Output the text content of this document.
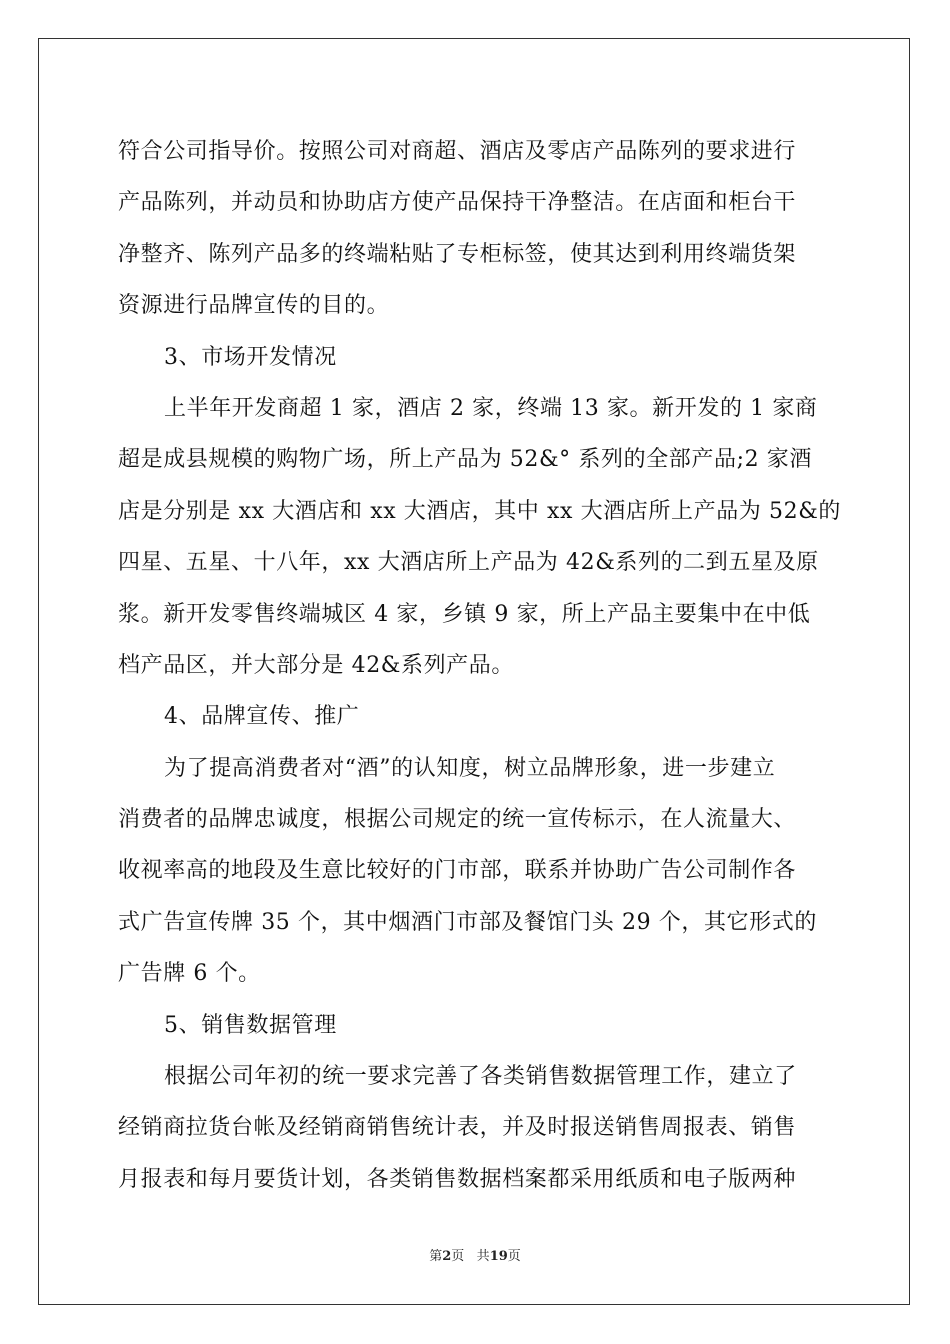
符合公司指导价。按照公司对商超、酒店及零店产品陈列的要求进行
产品陈列，并动员和协助店方使产品保持干净整洁。在店面和柜台干
净整齐、陈列产品多的终端粘贴了专柜标签，使其达到利用终端货架
资源进行品牌宣传的目的。
3、市场开发情况
上半年开发商超 1 家，酒店 2 家，终端 13 家。新开发的 1 家商
超是成县规模的购物广场，所上产品为 52&° 系列的全部产品;2 家酒
店是分别是 xx 大酒店和 xx 大酒店，其中 xx 大酒店所上产品为 52&的
四星、五星、十八年，xx 大酒店所上产品为 42&系列的二到五星及原
浆。新开发零售终端城区 4 家，乡镇 9 家，所上产品主要集中在中低
档产品区，并大部分是 42&系列产品。
4、品牌宣传、推广
为了提高消费者对“酒”的认知度，树立品牌形象，进一步建立
消费者的品牌忠诚度，根据公司规定的统一宣传标示，在人流量大、
收视率高的地段及生意比较好的门市部，联系并协助广告公司制作各
式广告宣传牌 35 个，其中烟酒门市部及餐馆门头 29 个，其它形式的
广告牌 6 个。
5、销售数据管理
根据公司年初的统一要求完善了各类销售数据管理工作，建立了
经销商拉货台帐及经销商销售统计表，并及时报送销售周报表、销售
月报表和每月要货计划，各类销售数据档案都采用纸质和电子版两种
第2页 共19页
